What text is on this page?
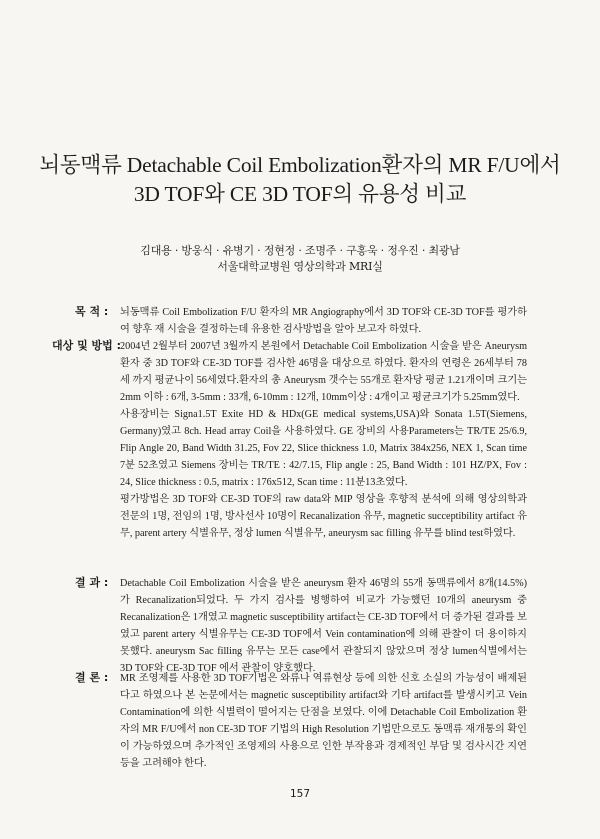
뇌동맥류 Detachable Coil Embolization환자의 MR F/U에서
3D TOF와 CE 3D TOF의 유용성 비교
김대용 · 방웅식 · 유병기 · 정현정 · 조명주 · 구홍욱 · 정우진 · 최광남
서울대학교병원 영상의학과 MRI실
목 적 : 뇌동맥류 Coil Embolization F/U 환자의 MR Angiography에서 3D TOF와 CE-3D TOF를 평가하여 향후 재 시술을 결정하는데 유용한 검사방법을 알아 보고자 하였다.

대상 및 방법 :

2004년 2월부터 2007년 3월까지 본원에서 Detachable Coil Embolization 시술을 받은 Aneurysm 환자 중 3D TOF와 CE-3D TOF를 검사한 46명을 대상으로 하였다. 환자의 연령은 26세부터 78세 까지 평균나이 56세였다.환자의 총 Aneurysm 갯수는 55개로 환자당 평균 1.21개이며 크기는 2mm 이하 : 6개, 3-5mm : 33개, 6-10mm : 12개, 10mm이상 : 4개이고 평균크기가 5.25mm였다.

사용장비는 Signa1.5T Exite HD & HDx(GE medical systems,USA)와 Sonata 1.5T(Siemens, Germany)였고 8ch. Head array Coil을 사용하였다. GE 장비의 사용Parameters는 TR/TE 25/6.9, Flip Angle 20, Band Width 31.25, Fov 22, Slice thickness 1.0, Matrix 384x256, NEX 1, Scan time 7분 52초였고 Siemens 장비는 TR/TE : 42/7.15, Flip angle : 25, Band Width : 101 HZ/PX, Fov : 24, Slice thickness : 0.5, matrix : 176x512, Scan time : 11분13초였다.

평가방법은 3D TOF와 CE-3D TOF의 raw data와 MIP 영상을 후향적 분석에 의해 영상의학과 전문의 1명, 전임의 1명, 방사선사 10명이 Recanalization 유무, magnetic succeptibility artifact 유무, parent artery 식별유무, 정상 lumen 식별유무, aneurysm sac filling 유무를 blind test하였다.

결 과 : Detachable Coil Embolization 시술을 받은 aneurysm 환자 46명의 55개 동맥류에서 8개(14.5%)가 Recanalization되었다. 두 가지 검사를 병행하여 비교가 가능했던 10개의 aneurysm 중 Recanalization은 1개였고 magnetic susceptibility artifact는 CE-3D TOF에서 더 증가된 결과를 보였고 parent artery 식별유무는 CE-3D TOF에서 Vein contamination에 의해 관찰이 더 용이하지 못했다. aneurysm Sac filling 유무는 모든 case에서 관찰되지 않았으며 정상 lumen식별에서는 3D TOF와 CE-3D TOF 에서 관찰이 양호했다.

결 론 : MR 조영제를 사용한 3D TOF기법은 와류나 역류현상 등에 의한 신호 소실의 가능성이 배제된다고 하였으나 본 논문에서는 magnetic susceptibility artifact와 기타 artifact를 발생시키고 Vein Contamination에 의한 식별력이 떨어지는 단점을 보였다. 이에 Detachable Coil Embolization 환자의 MR F/U에서 non CE-3D TOF 기법의 High Resolution 기법만으로도 동맥류 재개통의 확인이 가능하였으며 추가적인 조영제의 사용으로 인한 부작용과 경제적인 부담 및 검사시간 지연 등을 고려해야 한다.

157
